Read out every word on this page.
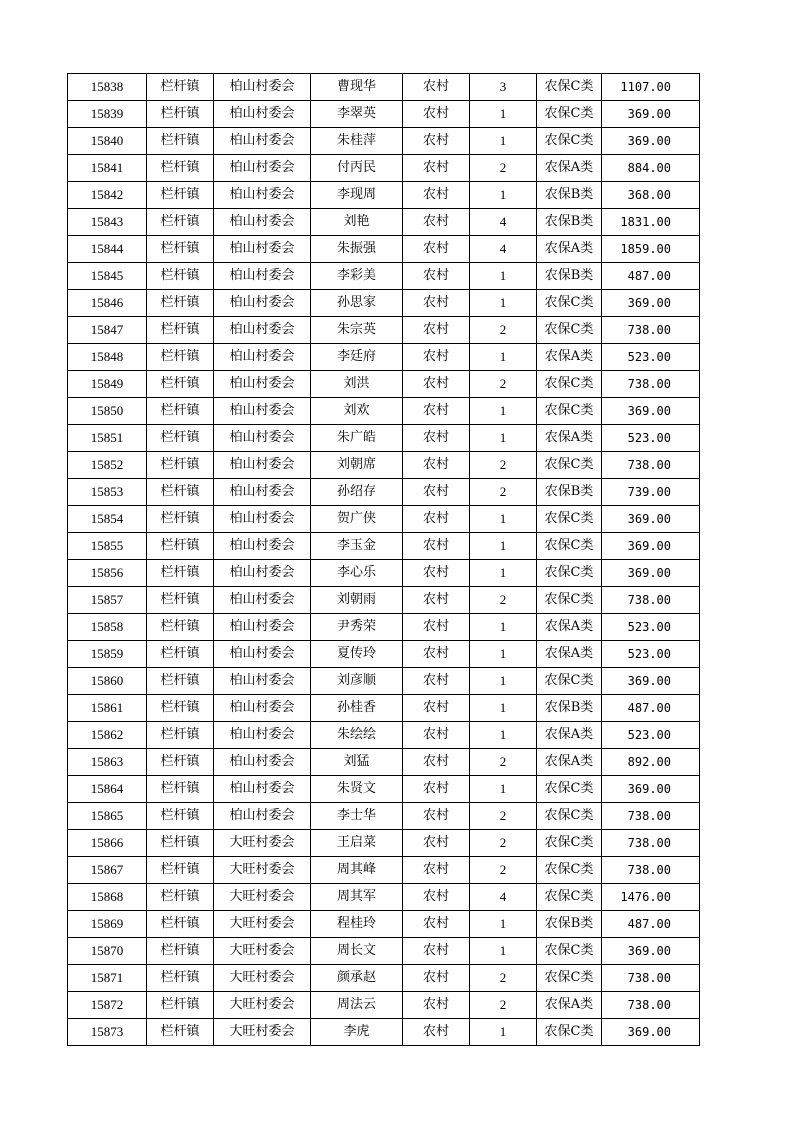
15838	栏杆镇	柏山村委会	曹现华	农村	3	农保C类	1107.00
15839	栏杆镇	柏山村委会	李翠英	农村	1	农保C类	369.00
15840	栏杆镇	柏山村委会	朱桂萍	农村	1	农保C类	369.00
15841	栏杆镇	柏山村委会	付丙民	农村	2	农保A类	884.00
15842	栏杆镇	柏山村委会	李现周	农村	1	农保B类	368.00
15843	栏杆镇	柏山村委会	刘艳	农村	4	农保B类	1831.00
15844	栏杆镇	柏山村委会	朱振强	农村	4	农保A类	1859.00
15845	栏杆镇	柏山村委会	李彩美	农村	1	农保B类	487.00
15846	栏杆镇	柏山村委会	孙思家	农村	1	农保C类	369.00
15847	栏杆镇	柏山村委会	朱宗英	农村	2	农保C类	738.00
15848	栏杆镇	柏山村委会	李廷府	农村	1	农保A类	523.00
15849	栏杆镇	柏山村委会	刘洪	农村	2	农保C类	738.00
15850	栏杆镇	柏山村委会	刘欢	农村	1	农保C类	369.00
15851	栏杆镇	柏山村委会	朱广皓	农村	1	农保A类	523.00
15852	栏杆镇	柏山村委会	刘朝席	农村	2	农保C类	738.00
15853	栏杆镇	柏山村委会	孙绍存	农村	2	农保B类	739.00
15854	栏杆镇	柏山村委会	贺广侠	农村	1	农保C类	369.00
15855	栏杆镇	柏山村委会	李玉金	农村	1	农保C类	369.00
15856	栏杆镇	柏山村委会	李心乐	农村	1	农保C类	369.00
15857	栏杆镇	柏山村委会	刘朝雨	农村	2	农保C类	738.00
15858	栏杆镇	柏山村委会	尹秀荣	农村	1	农保A类	523.00
15859	栏杆镇	柏山村委会	夏传玲	农村	1	农保A类	523.00
15860	栏杆镇	柏山村委会	刘彦顺	农村	1	农保C类	369.00
15861	栏杆镇	柏山村委会	孙桂香	农村	1	农保B类	487.00
15862	栏杆镇	柏山村委会	朱绘绘	农村	1	农保A类	523.00
15863	栏杆镇	柏山村委会	刘猛	农村	2	农保A类	892.00
15864	栏杆镇	柏山村委会	朱贤文	农村	1	农保C类	369.00
15865	栏杆镇	柏山村委会	李士华	农村	2	农保C类	738.00
15866	栏杆镇	大旺村委会	王启菜	农村	2	农保C类	738.00
15867	栏杆镇	大旺村委会	周其峰	农村	2	农保C类	738.00
15868	栏杆镇	大旺村委会	周其军	农村	4	农保C类	1476.00
15869	栏杆镇	大旺村委会	程桂玲	农村	1	农保B类	487.00
15870	栏杆镇	大旺村委会	周长文	农村	1	农保C类	369.00
15871	栏杆镇	大旺村委会	颜承赵	农村	2	农保C类	738.00
15872	栏杆镇	大旺村委会	周法云	农村	2	农保A类	738.00
15873	栏杆镇	大旺村委会	李虎	农村	1	农保C类	369.00
